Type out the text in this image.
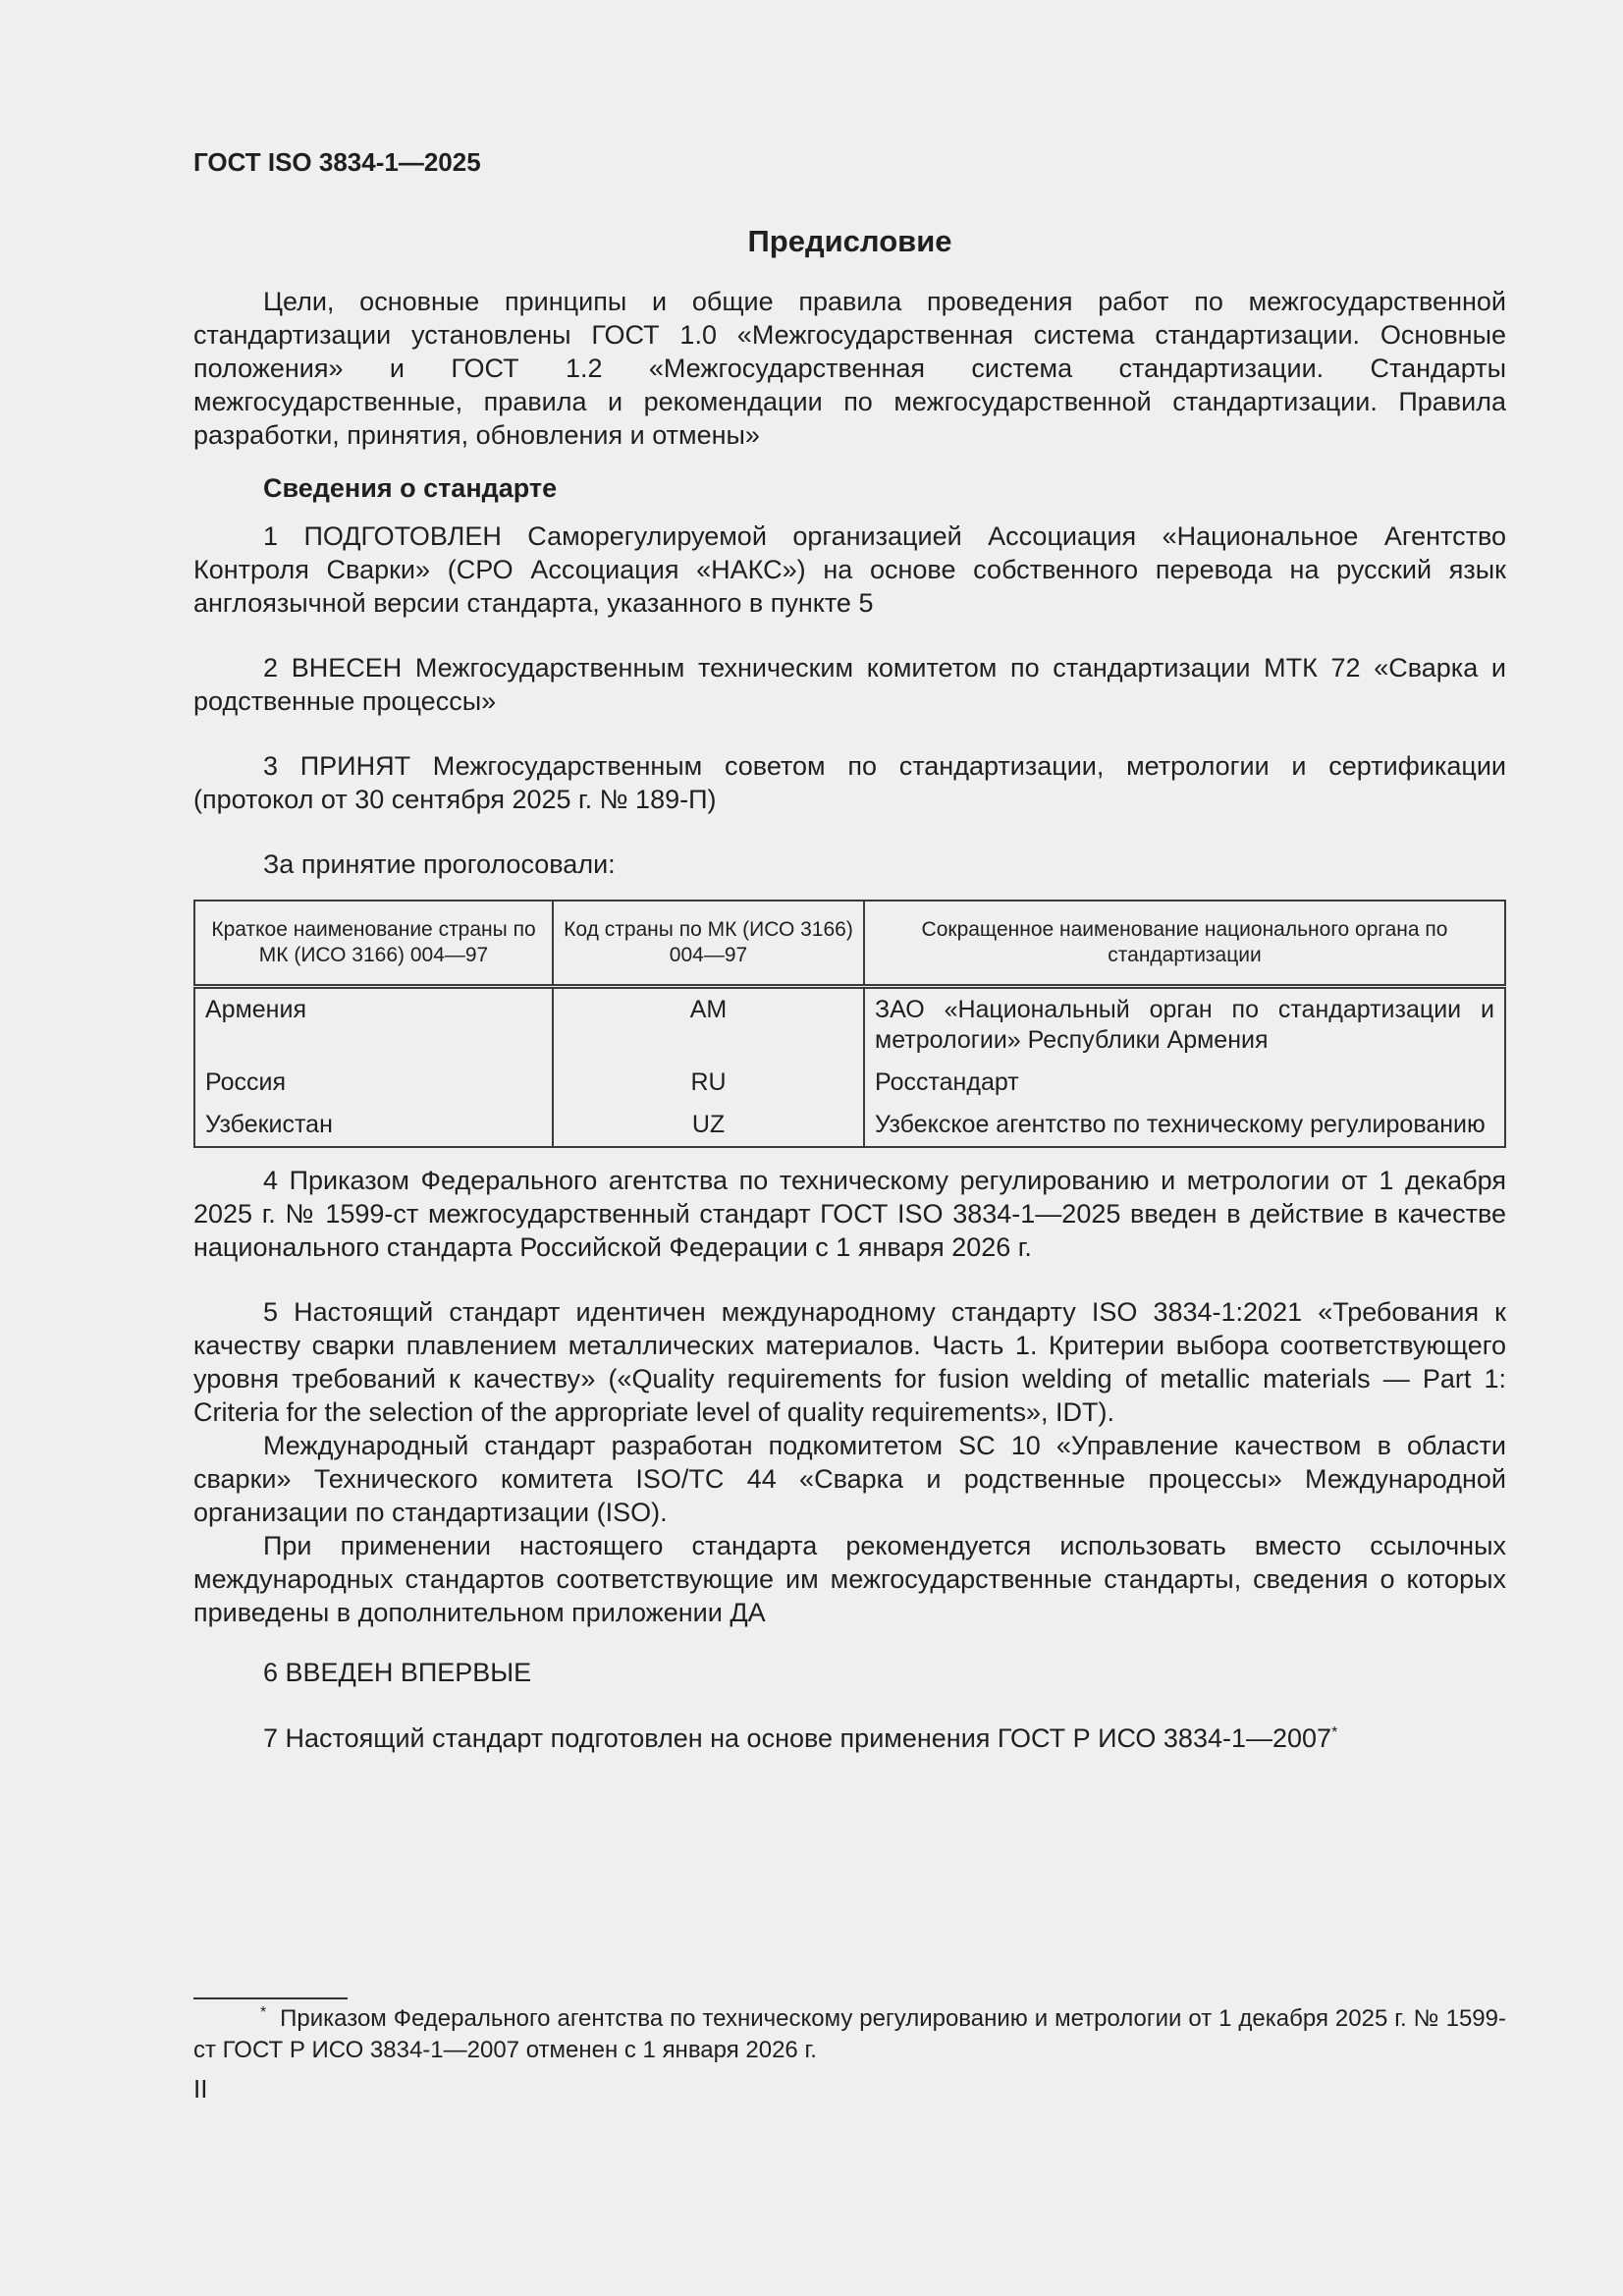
ГОСТ ISO 3834-1—2025
Предисловие

Цели, основные принципы и общие правила проведения работ по межгосударственной стандартизации установлены ГОСТ 1.0 «Межгосударственная система стандартизации. Основные положения» и ГОСТ 1.2 «Межгосударственная система стандартизации. Стандарты межгосударственные, правила и рекомендации по межгосударственной стандартизации. Правила разработки, принятия, обновления и отмены»

Сведения о стандарте

1 ПОДГОТОВЛЕН Саморегулируемой организацией Ассоциация «Национальное Агентство Контроля Сварки» (СРО Ассоциация «НАКС») на основе собственного перевода на русский язык англоязычной версии стандарта, указанного в пункте 5

2 ВНЕСЕН Межгосударственным техническим комитетом по стандартизации МТК 72 «Сварка и родственные процессы»

3 ПРИНЯТ Межгосударственным советом по стандартизации, метрологии и сертификации (протокол от 30 сентября 2025 г. № 189-П)

За принятие проголосовали:

Краткое наименование страны по МК (ИСО 3166) 004—97	Код страны по МК (ИСО 3166) 004—97	Сокращенное наименование национального органа по стандартизации
Армения	AM	ЗАО «Национальный орган по стандартизации и метрологии» Республики Армения
Россия	RU	Росстандарт
Узбекистан	UZ	Узбекское агентство по техническому регулированию

4 Приказом Федерального агентства по техническому регулированию и метрологии от 1 декабря 2025 г. № 1599-ст межгосударственный стандарт ГОСТ ISO 3834-1—2025 введен в действие в качестве национального стандарта Российской Федерации с 1 января 2026 г.

5 Настоящий стандарт идентичен международному стандарту ISO 3834-1:2021 «Требования к качеству сварки плавлением металлических материалов. Часть 1. Критерии выбора соответствующего уровня требований к качеству» («Quality requirements for fusion welding of metallic materials — Part 1: Criteria for the selection of the appropriate level of quality requirements», IDT).

Международный стандарт разработан подкомитетом SC 10 «Управление качеством в области сварки» Технического комитета ISO/TC 44 «Сварка и родственные процессы» Международной организации по стандартизации (ISO).

При применении настоящего стандарта рекомендуется использовать вместо ссылочных международных стандартов соответствующие им межгосударственные стандарты, сведения о которых приведены в дополнительном приложении ДА

6 ВВЕДЕН ВПЕРВЫЕ

7 Настоящий стандарт подготовлен на основе применения ГОСТ Р ИСО 3834-1—2007*

* Приказом Федерального агентства по техническому регулированию и метрологии от 1 декабря 2025 г. № 1599-ст ГОСТ Р ИСО 3834-1—2007 отменен с 1 января 2026 г.

II
